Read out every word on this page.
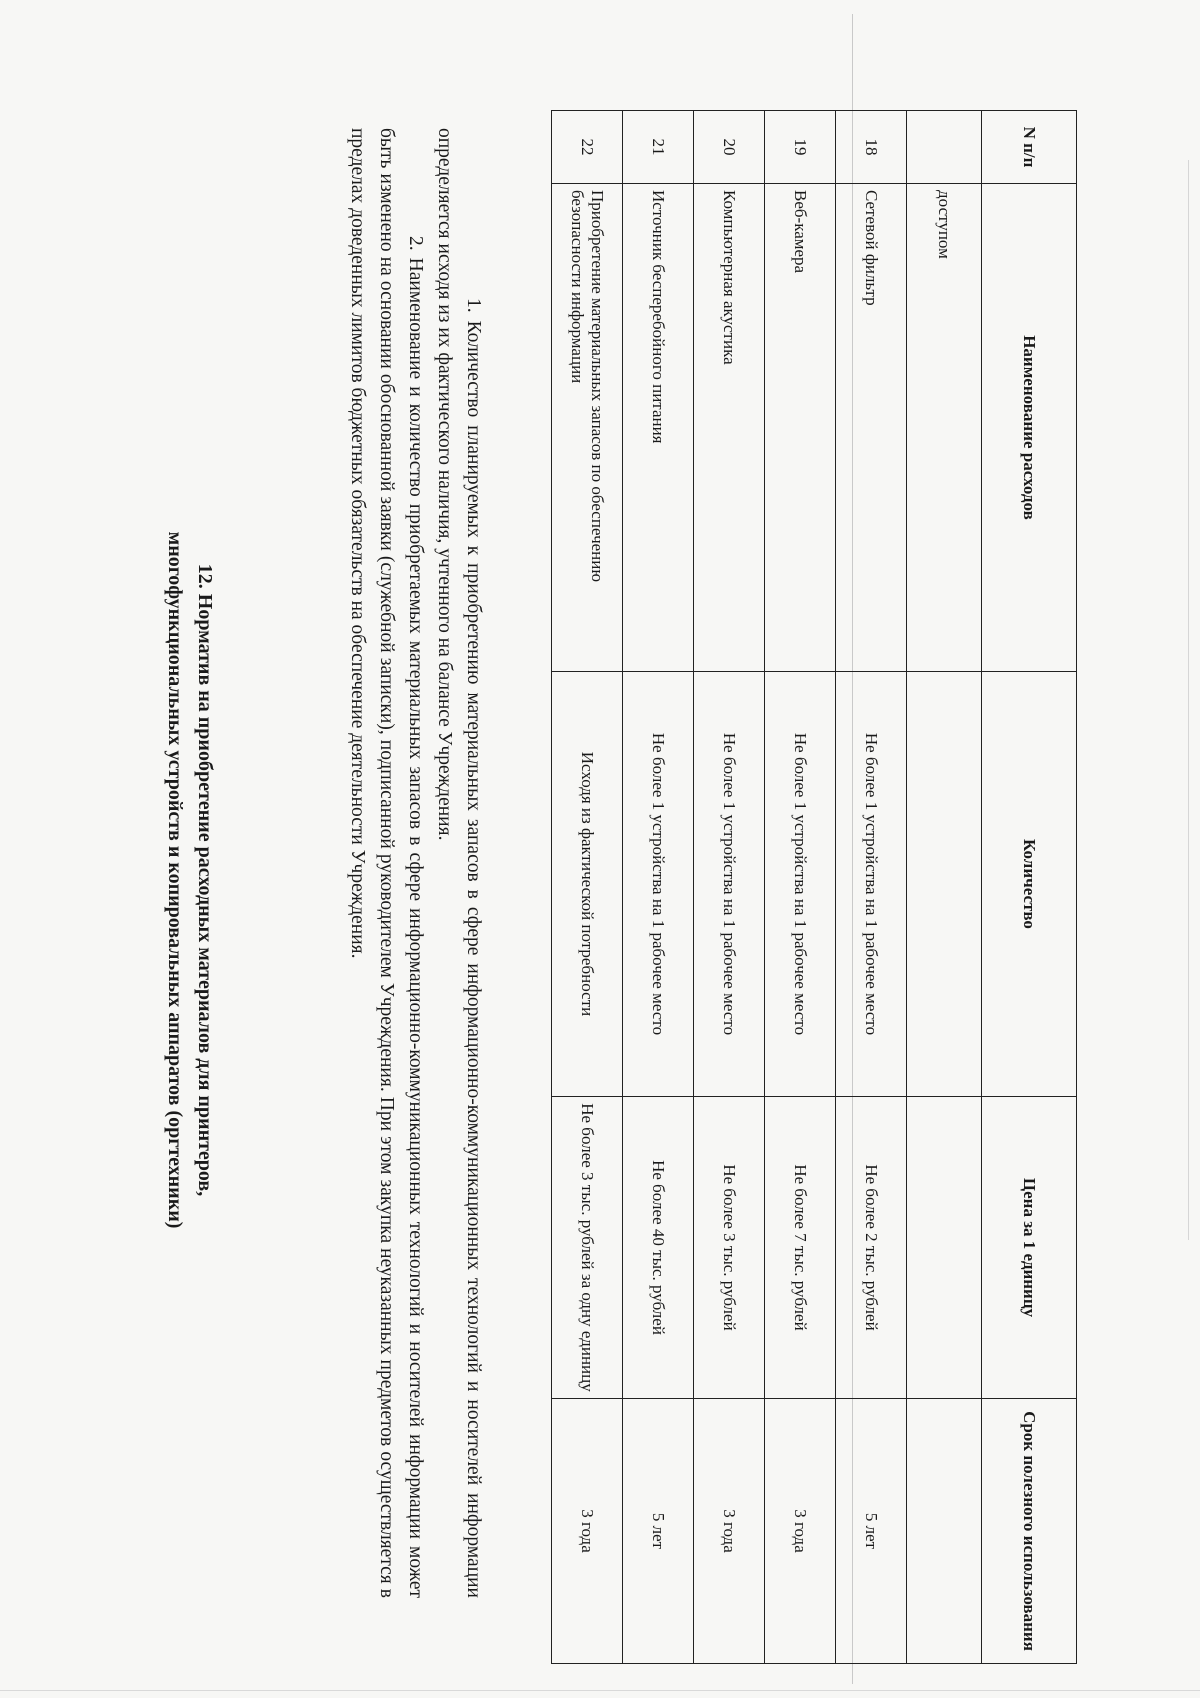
N п/п	Наименование расходов	Количество	Цена за 1 единицу	Срок полезного использования
	доступом			
18	Сетевой фильтр	Не более 1 устройства на 1 рабочее место	Не более 2 тыс. рублей	5 лет
19	Веб-камера	Не более 1 устройства на 1 рабочее место	Не более 7 тыс. рублей	3 года
20	Компьютерная акустика	Не более 1 устройства на 1 рабочее место	Не более 3 тыс. рублей	3 года
21	Источник бесперебойного питания	Не более 1 устройства на 1 рабочее место	Не более 40 тыс. рублей	5 лет
22	Приобретение материальных запасов по обеспечению безопасности информации	Исходя из фактической потребности	Не более 3 тыс. рублей за одну единицу	3 года

1. Количество планируемых к приобретению материальных запасов в сфере информационно-коммуникационных технологий и носителей информации определяется исходя из их фактического наличия, учтенного на балансе Учреждения.

2. Наименование и количество приобретаемых материальных запасов в сфере информационно-коммуникационных технологий и носителей информации может быть изменено на основании обоснованной заявки (служебной записки), подписанной руководителем Учреждения. При этом закупка неуказанных предметов осуществляется в пределах доведенных лимитов бюджетных обязательств на обеспечение деятельности Учреждения.

12. Норматив на приобретение расходных материалов для принтеров,
многофункциональных устройств и копировальных аппаратов (оргтехники)
